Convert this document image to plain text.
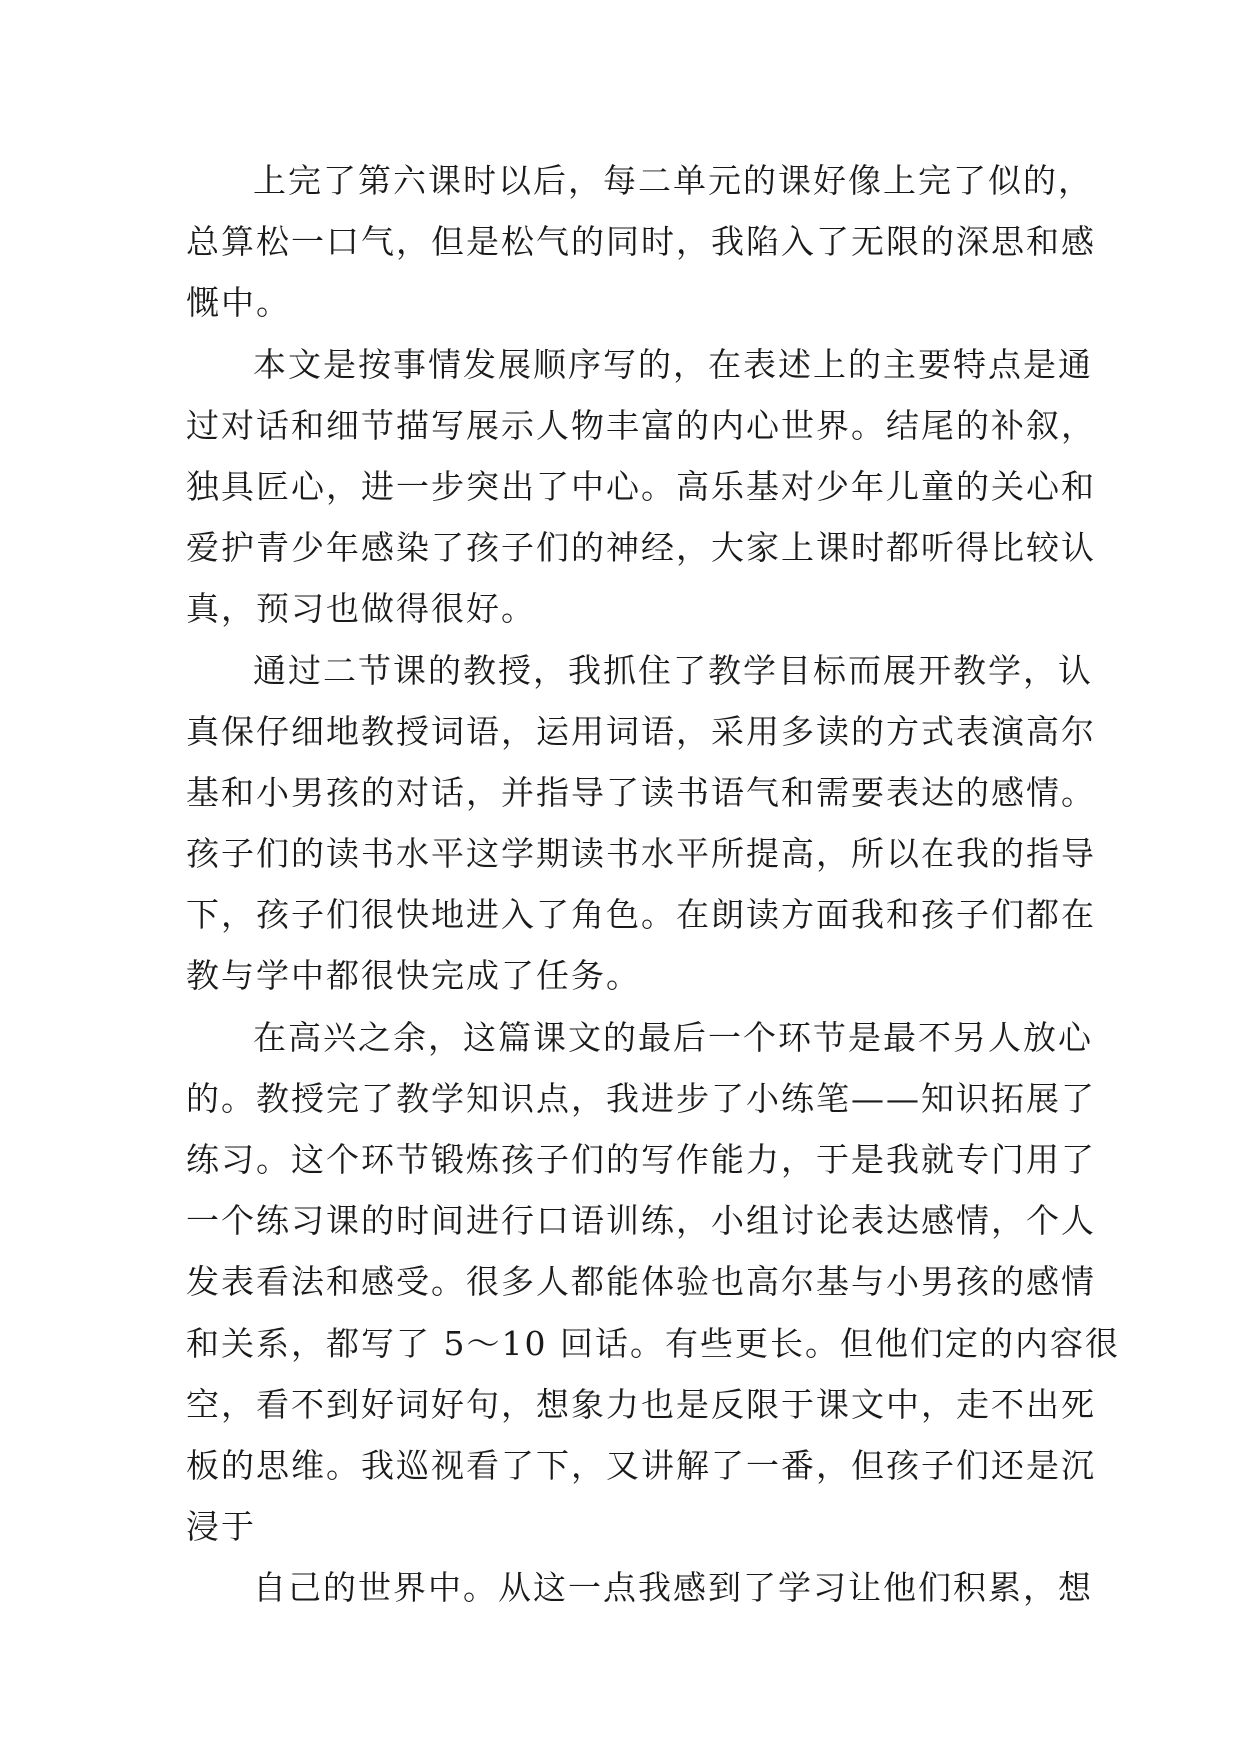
上完了第六课时以后，每二单元的课好像上完了似的，
总算松一口气，但是松气的同时，我陷入了无限的深思和感
慨中。
本文是按事情发展顺序写的，在表述上的主要特点是通
过对话和细节描写展示人物丰富的内心世界。结尾的补叙，
独具匠心，进一步突出了中心。高乐基对少年儿童的关心和
爱护青少年感染了孩子们的神经，大家上课时都听得比较认
真，预习也做得很好。
通过二节课的教授，我抓住了教学目标而展开教学，认
真保仔细地教授词语，运用词语，采用多读的方式表演高尔
基和小男孩的对话，并指导了读书语气和需要表达的感情。
孩子们的读书水平这学期读书水平所提高，所以在我的指导
下，孩子们很快地进入了角色。在朗读方面我和孩子们都在
教与学中都很快完成了任务。
在高兴之余，这篇课文的最后一个环节是最不另人放心
的。教授完了教学知识点，我进步了小练笔——知识拓展了
练习。这个环节锻炼孩子们的写作能力，于是我就专门用了
一个练习课的时间进行口语训练，小组讨论表达感情，个人
发表看法和感受。很多人都能体验也高尔基与小男孩的感情
和关系，都写了 5～10 回话。有些更长。但他们定的内容很
空，看不到好词好句，想象力也是反限于课文中，走不出死
板的思维。我巡视看了下，又讲解了一番，但孩子们还是沉
浸于
自己的世界中。从这一点我感到了学习让他们积累，想
